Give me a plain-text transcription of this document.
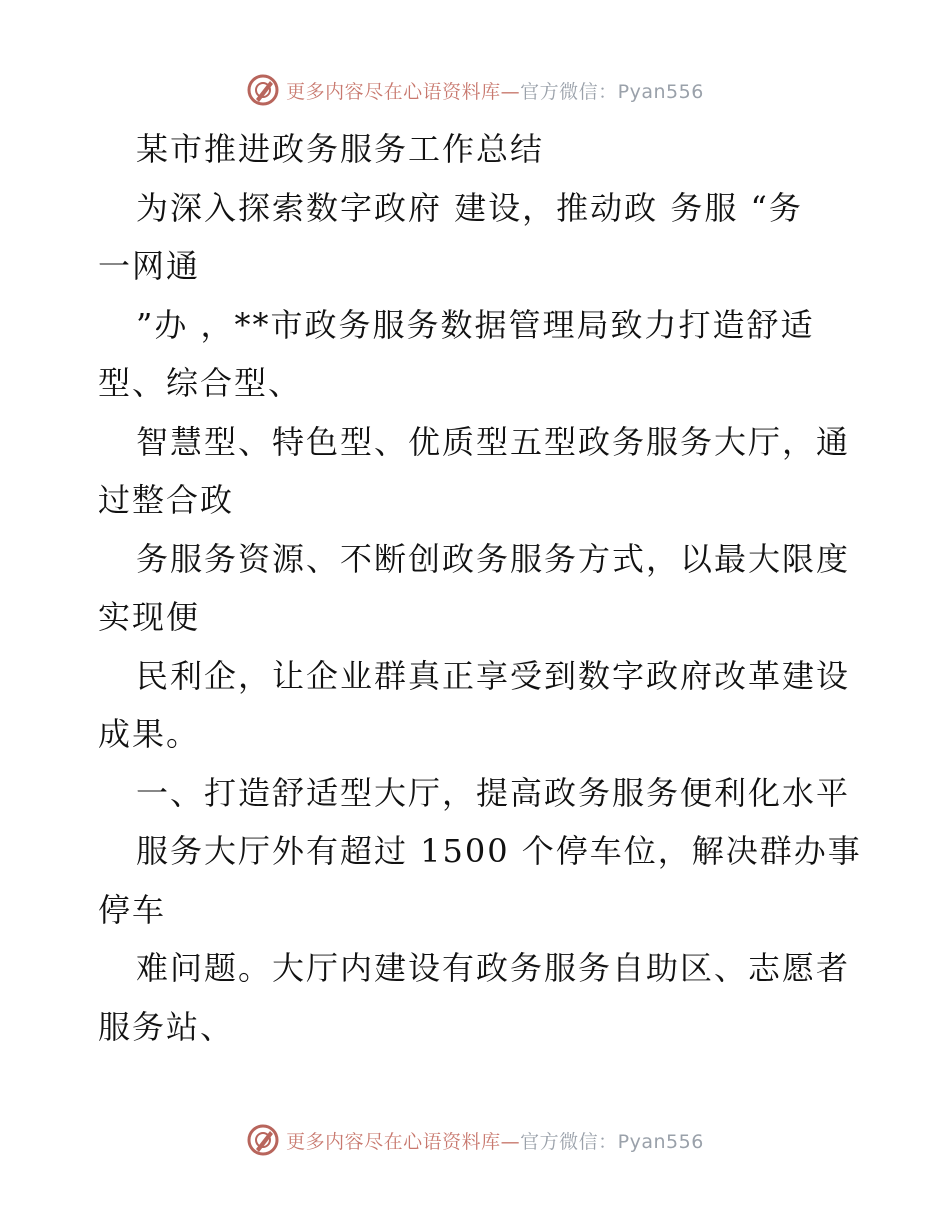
更多内容尽在心语资料库—官方微信：Pyan556
某市推进政务服务工作总结
为深入探索数字政府 建设，推动政 务服 “务
一网通
”办 ，**市政务服务数据管理局致力打造舒适
型、综合型、
智慧型、特色型、优质型五型政务服务大厅，通
过整合政
务服务资源、不断创政务服务方式，以最大限度
实现便
民利企，让企业群真正享受到数字政府改革建设
成果。
一、打造舒适型大厅，提高政务服务便利化水平
服务大厅外有超过 1500 个停车位，解决群办事
停车
难问题。大厅内建设有政务服务自助区、志愿者
服务站、
更多内容尽在心语资料库—官方微信：Pyan556
